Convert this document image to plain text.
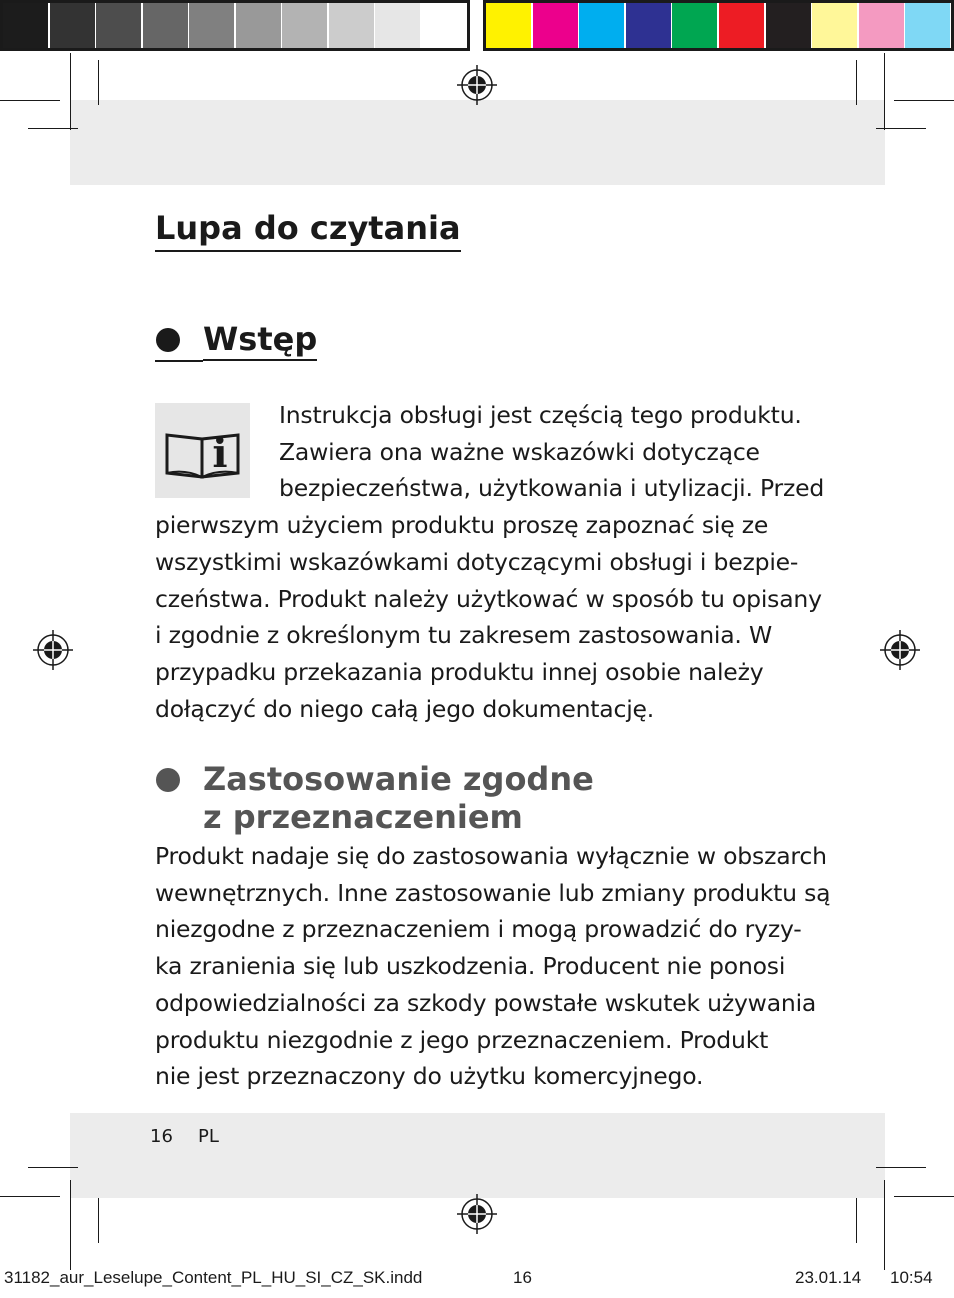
Lupa do czytania
Wstęp
i
Instrukcja obsługi jest częścią tego produktu.
Zawiera ona ważne wskazówki dotyczące
bezpieczeństwa, użytkowania i utylizacji. Przed
pierwszym użyciem produktu proszę zapoznać się ze
wszystkimi wskazówkami dotyczącymi obsługi i bezpie-
czeństwa. Produkt należy użytkować w sposób tu opisany
i zgodnie z określonym tu zakresem zastosowania. W
przypadku przekazania produktu innej osobie należy
dołączyć do niego całą jego dokumentację.
Zastosowanie zgodne
z przeznaczeniem
Produkt nadaje się do zastosowania wyłącznie w obszarch
wewnętrznych. Inne zastosowanie lub zmiany produktu są
niezgodne z przeznaczeniem i mogą prowadzić do ryzy-
ka zranienia się lub uszkodzenia. Producent nie ponosi
odpowiedzialności za szkody powstałe wskutek używania
produktu niezgodnie z jego przeznaczeniem. Produkt
nie jest przeznaczony do użytku komercyjnego.
16 PL
31182_aur_Leselupe_Content_PL_HU_SI_CZ_SK.indd	16	23.01.14 10:54
